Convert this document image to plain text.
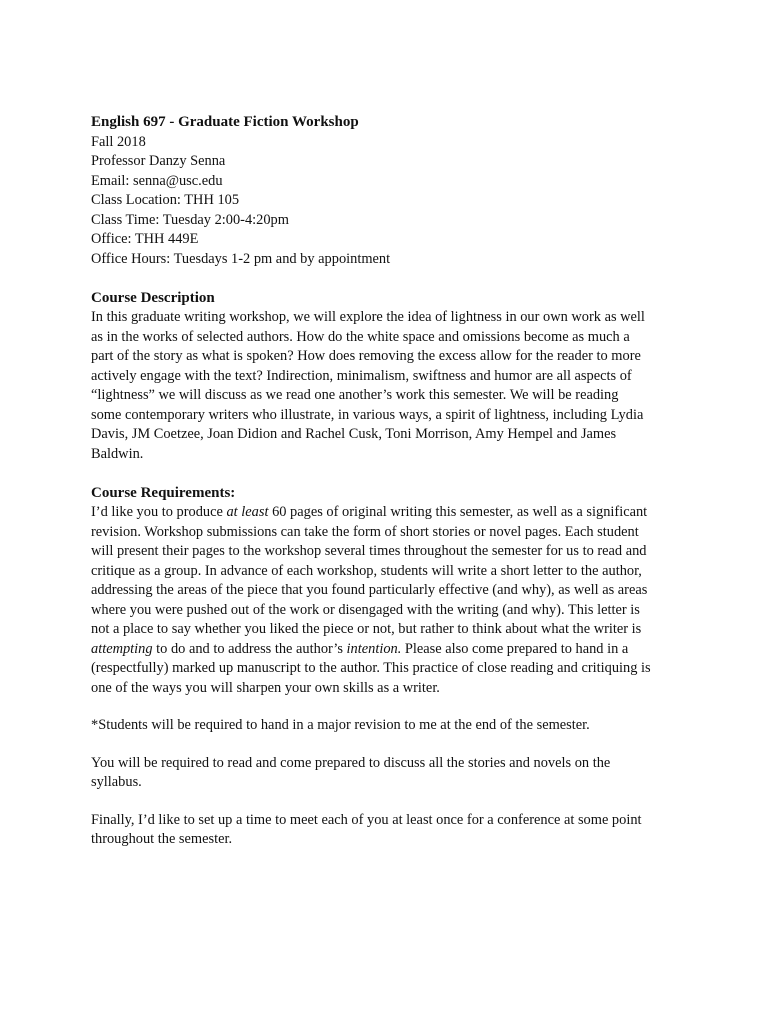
English 697 - Graduate Fiction Workshop
Fall 2018
Professor Danzy Senna
Email: senna@usc.edu
Class Location: THH 105
Class Time: Tuesday 2:00-4:20pm
Office: THH 449E
Office Hours: Tuesdays 1-2 pm and by appointment
Course Description
In this graduate writing workshop, we will explore the idea of lightness in our own work as well
as in the works of selected authors. How do the white space and omissions become as much a
part of the story as what is spoken? How does removing the excess allow for the reader to more
actively engage with the text? Indirection, minimalism, swiftness and humor are all aspects of
“lightness” we will discuss as we read one another’s work this semester. We will be reading
some contemporary writers who illustrate, in various ways, a spirit of lightness, including Lydia
Davis, JM Coetzee, Joan Didion and Rachel Cusk, Toni Morrison, Amy Hempel and James
Baldwin.
Course Requirements:
I’d like you to produce at least 60 pages of original writing this semester, as well as a significant
revision. Workshop submissions can take the form of short stories or novel pages. Each student
will present their pages to the workshop several times throughout the semester for us to read and
critique as a group. In advance of each workshop, students will write a short letter to the author,
addressing the areas of the piece that you found particularly effective (and why), as well as areas
where you were pushed out of the work or disengaged with the writing (and why). This letter is
not a place to say whether you liked the piece or not, but rather to think about what the writer is
attempting to do and to address the author’s intention. Please also come prepared to hand in a
(respectfully) marked up manuscript to the author. This practice of close reading and critiquing is
one of the ways you will sharpen your own skills as a writer.
*Students will be required to hand in a major revision to me at the end of the semester.
You will be required to read and come prepared to discuss all the stories and novels on the
syllabus.
Finally, I’d like to set up a time to meet each of you at least once for a conference at some point
throughout the semester.
